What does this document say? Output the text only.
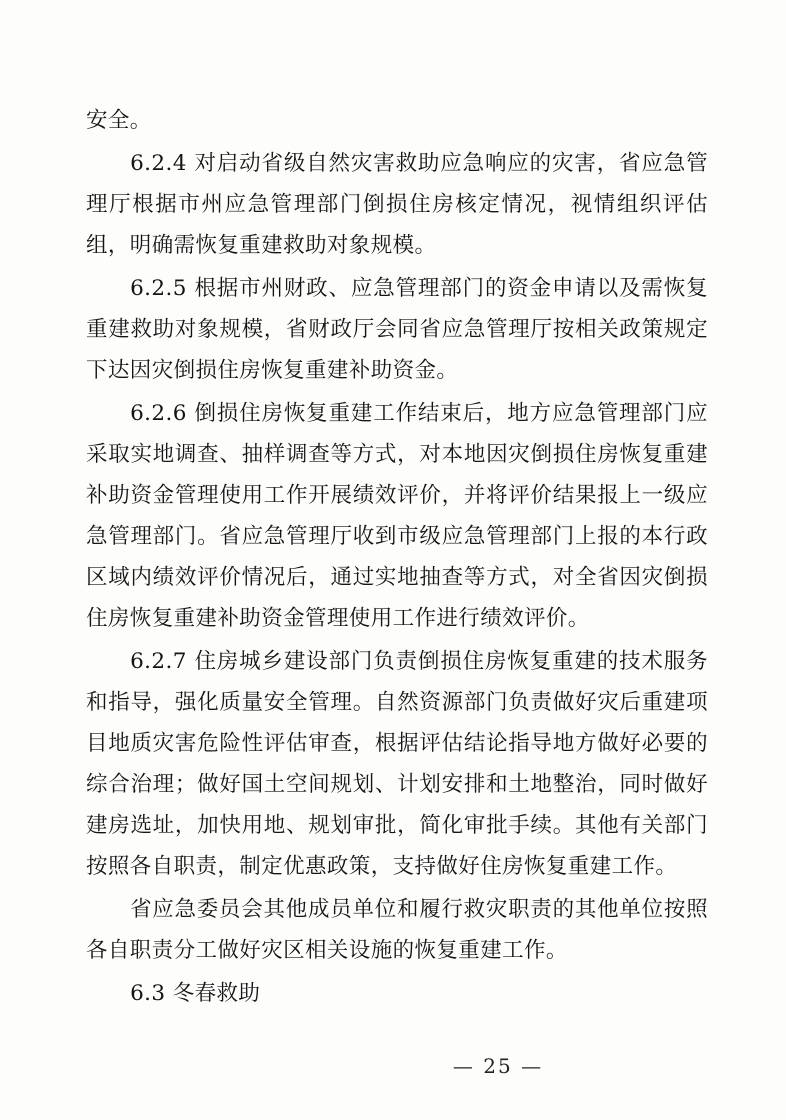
安全。

6.2.4 对启动省级自然灾害救助应急响应的灾害，省应急管理厅根据市州应急管理部门倒损住房核定情况，视情组织评估组，明确需恢复重建救助对象规模。

6.2.5 根据市州财政、应急管理部门的资金申请以及需恢复重建救助对象规模，省财政厅会同省应急管理厅按相关政策规定下达因灾倒损住房恢复重建补助资金。

6.2.6 倒损住房恢复重建工作结束后，地方应急管理部门应采取实地调查、抽样调查等方式，对本地因灾倒损住房恢复重建补助资金管理使用工作开展绩效评价，并将评价结果报上一级应急管理部门。省应急管理厅收到市级应急管理部门上报的本行政区域内绩效评价情况后，通过实地抽查等方式，对全省因灾倒损住房恢复重建补助资金管理使用工作进行绩效评价。

6.2.7 住房城乡建设部门负责倒损住房恢复重建的技术服务和指导，强化质量安全管理。自然资源部门负责做好灾后重建项目地质灾害危险性评估审查，根据评估结论指导地方做好必要的综合治理；做好国土空间规划、计划安排和土地整治，同时做好建房选址，加快用地、规划审批，简化审批手续。其他有关部门按照各自职责，制定优惠政策，支持做好住房恢复重建工作。

省应急委员会其他成员单位和履行救灾职责的其他单位按照各自职责分工做好灾区相关设施的恢复重建工作。

6.3 冬春救助

— 25 —
